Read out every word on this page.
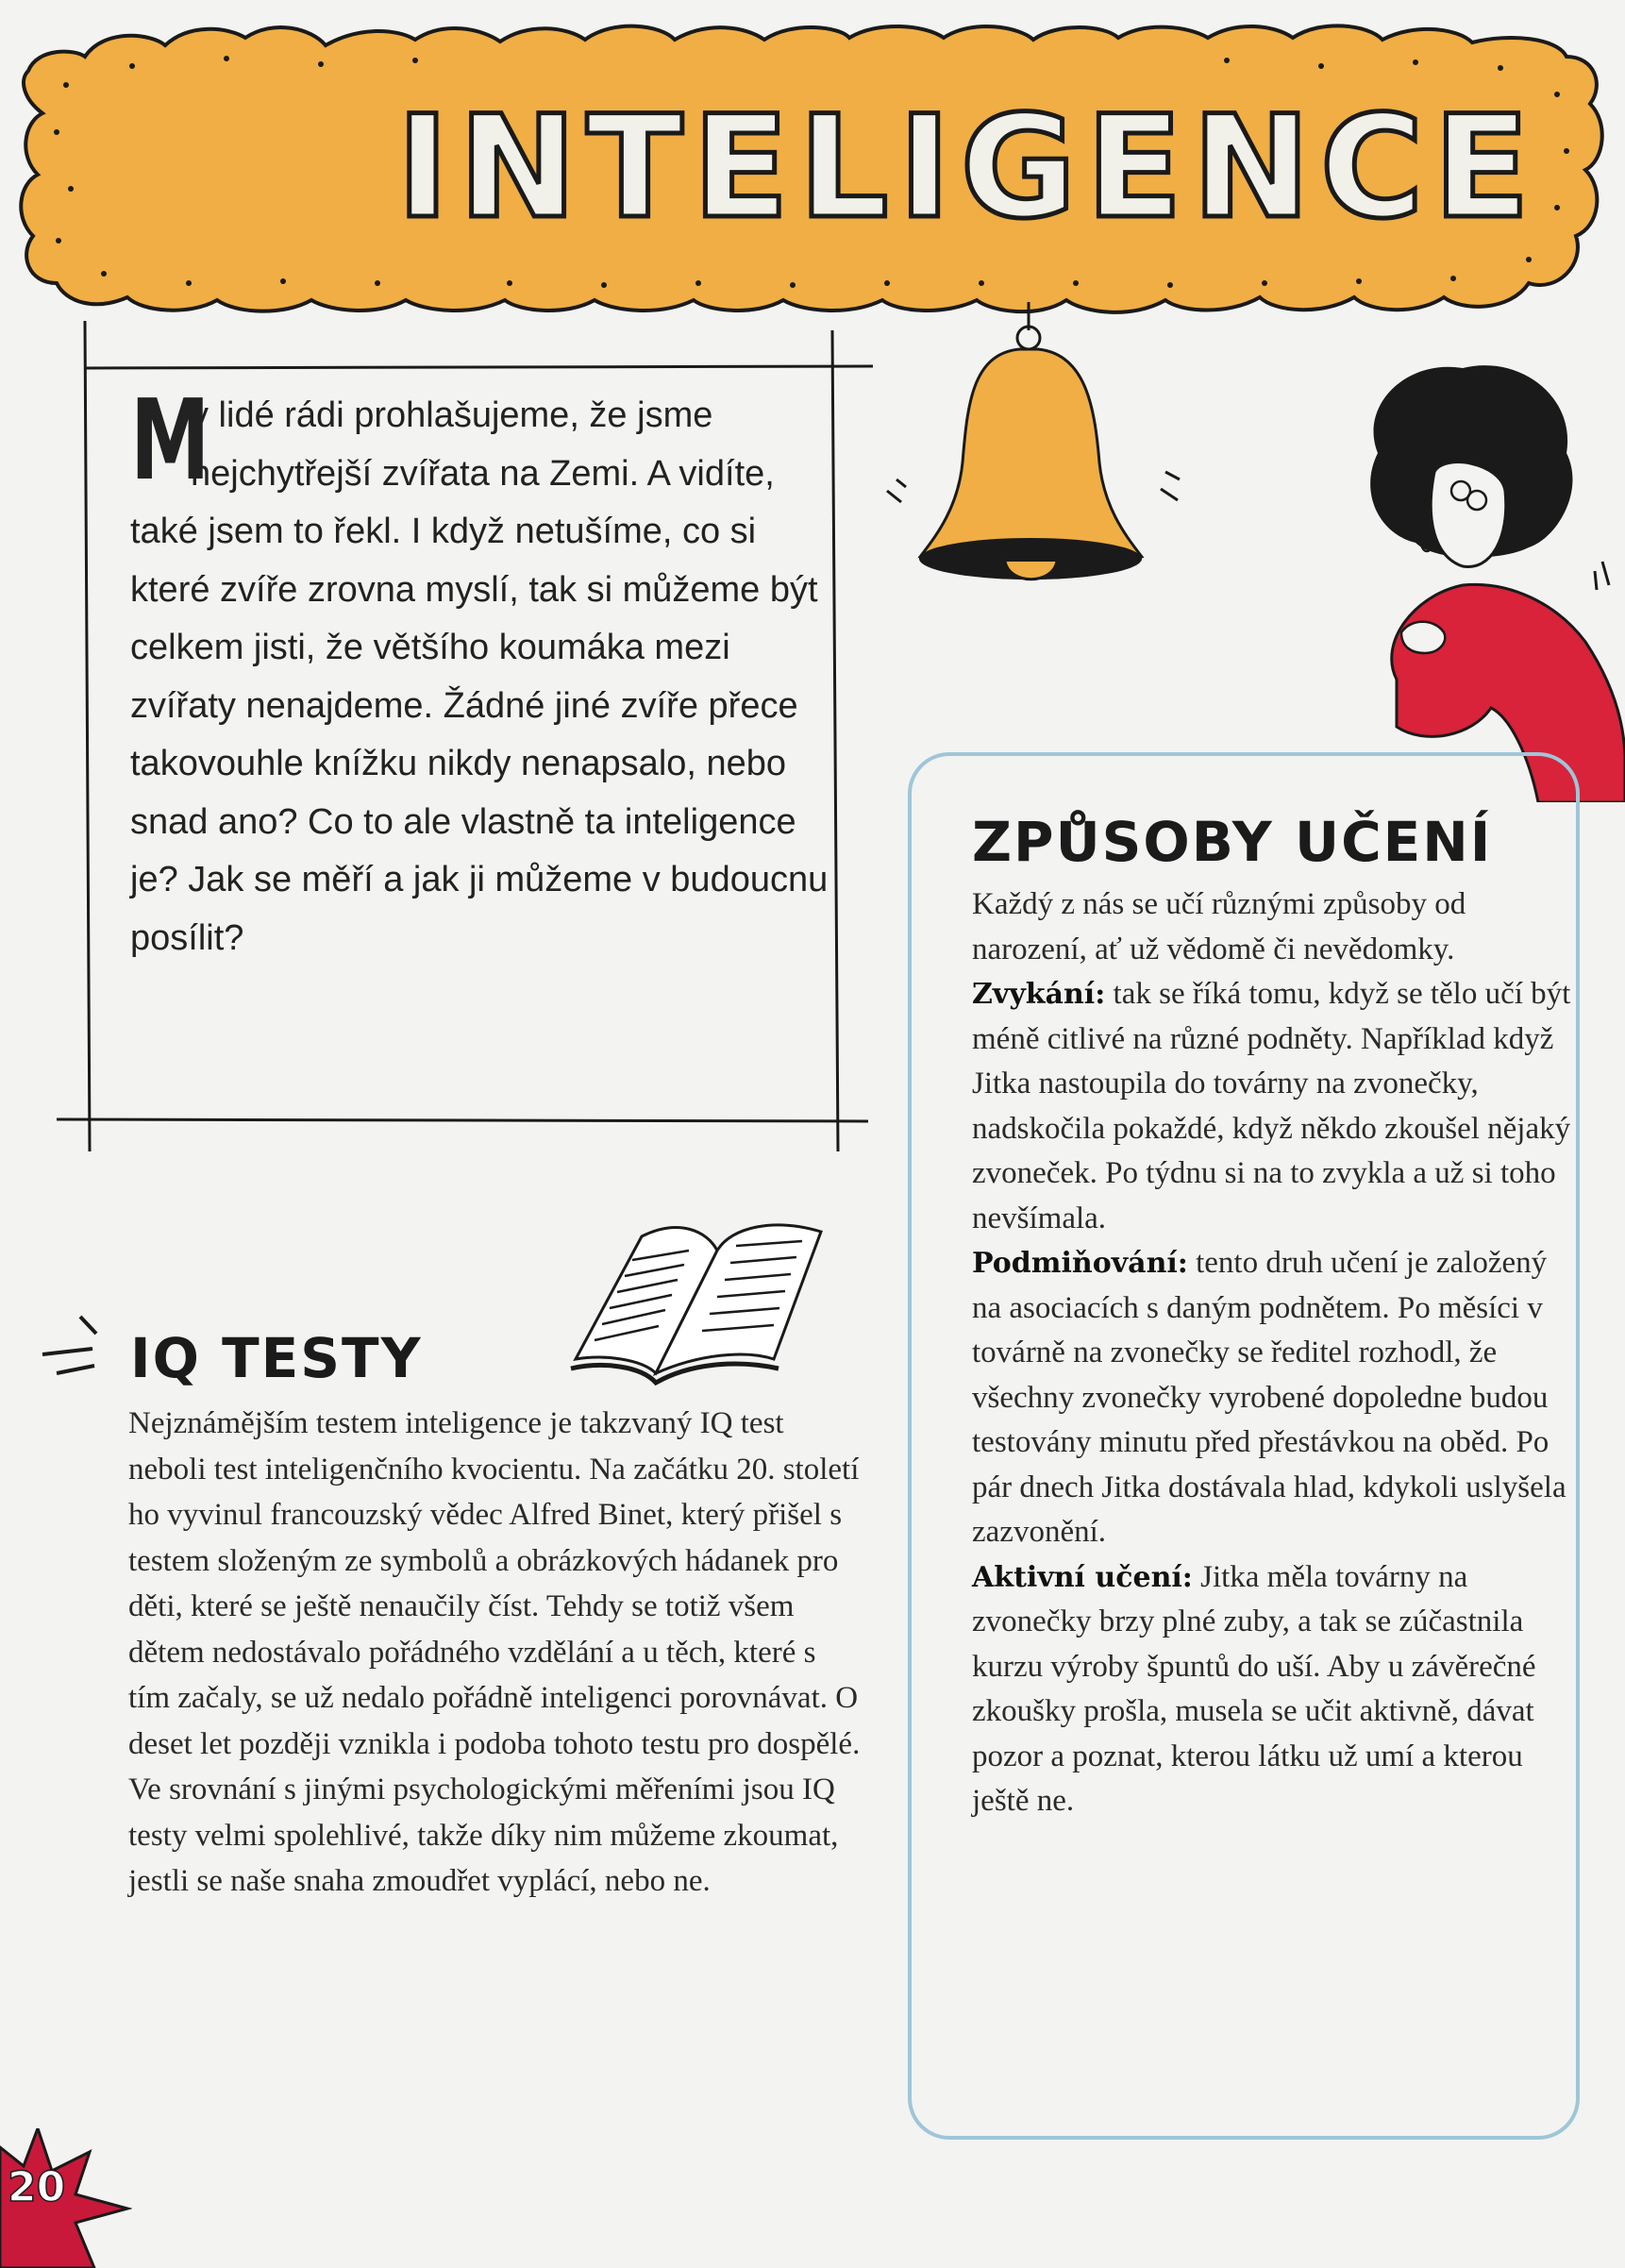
INTELIGENCE
M
y lidé rádi prohlašujeme, že jsme nejchytřejší zvířata na Zemi. A vidíte, také jsem to řekl. I když netušíme, co si které zvíře zrovna myslí, tak si můžeme být celkem jisti, že většího koumáka mezi zvířaty nenajdeme. Žádné jiné zvíře přece takovouhle knížku nikdy nenapsalo, nebo snad ano? Co to ale vlastně ta inteligence je? Jak se měří a jak ji můžeme v budoucnu posílit?
ZPŮSOBY UČENÍ

Každý z nás se učí různými způsoby od narození, ať už vědomě či nevědomky.

Zvykání: tak se říká tomu, když se tělo učí být méně citlivé na různé podněty. Například když Jitka nastoupila do továrny na zvonečky, nadskočila pokaždé, když někdo zkoušel nějaký zvoneček. Po týdnu si na to zvykla a už si toho nevšímala.

Podmiňování: tento druh učení je založený na asociacích s daným podnětem. Po měsíci v továrně na zvonečky se ředitel rozhodl, že všechny zvonečky vyrobené dopoledne budou testovány minutu před přestávkou na oběd. Po pár dnech Jitka dostávala hlad, kdykoli uslyšela zazvonění.

Aktivní učení: Jitka měla továrny na zvonečky brzy plné zuby, a tak se zúčastnila kurzu výroby špuntů do uší. Aby u závěrečné zkoušky prošla, musela se učit aktivně, dávat pozor a poznat, kterou látku už umí a kterou ještě ne.

IQ TESTY
Nejznámějším testem inteligence je takzvaný IQ test neboli test inteligenčního kvocientu. Na začátku 20. století ho vyvinul francouzský vědec Alfred Binet, který přišel s testem složeným ze symbolů a obrázkových hádanek pro děti, které se ještě nenaučily číst. Tehdy se totiž všem dětem nedostávalo pořádného vzdělání a u těch, které s tím začaly, se už nedalo pořádně inteligenci porovnávat. O deset let později vznikla i podoba tohoto testu pro dospělé. Ve srovnání s jinými psychologickými měřeními jsou IQ testy velmi spolehlivé, takže díky nim můžeme zkoumat, jestli se naše snaha zmoudřet vyplácí, nebo ne.
20
